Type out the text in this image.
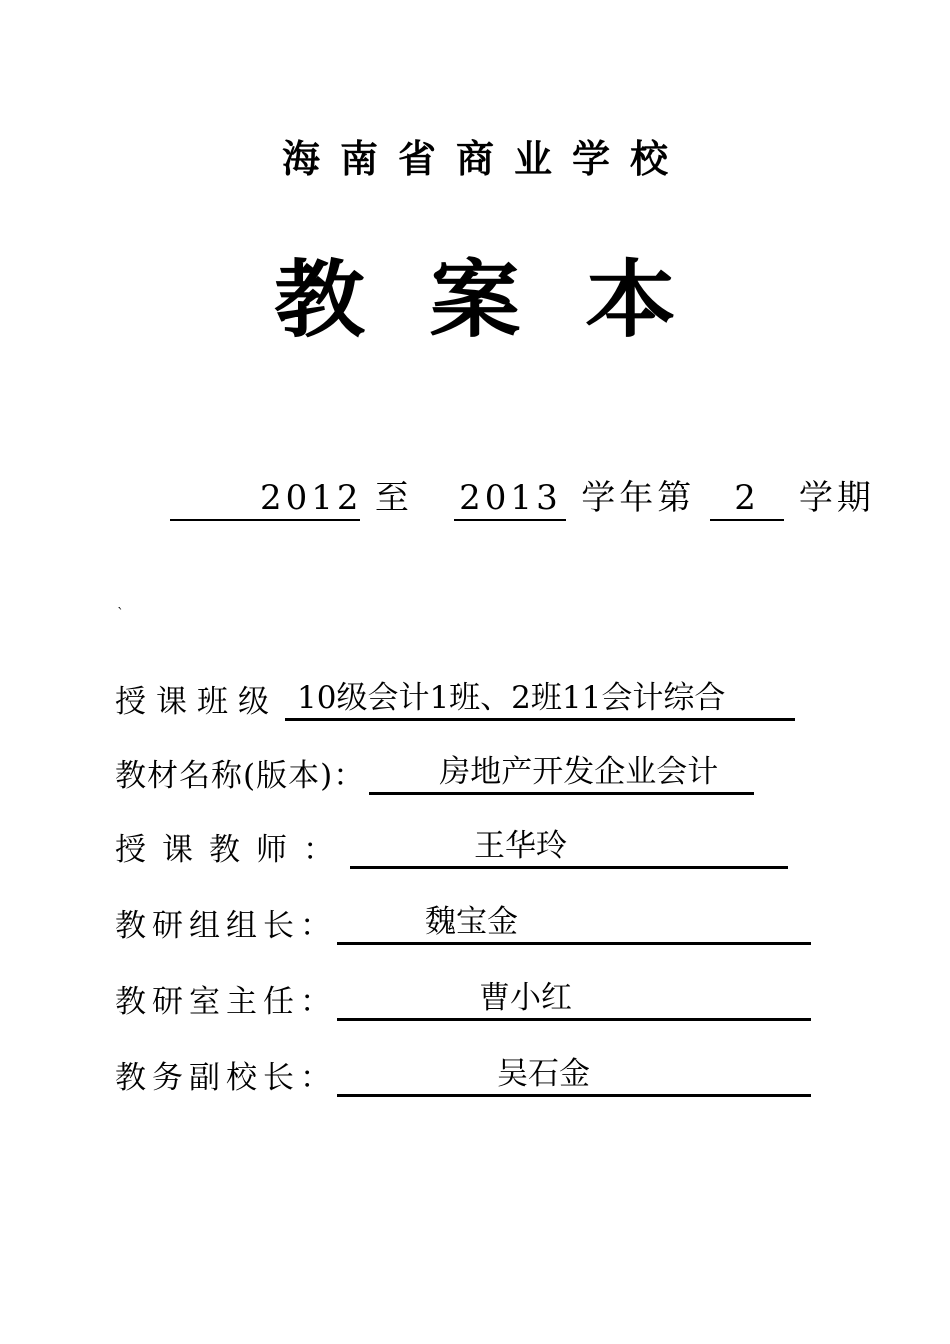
海南省商业学校
教案本
2012 至 2013 学年第 2 学期
`
授课班级 10级会计1班、2班11会计综合
教材名称(版本)：	房地产开发企业会计
授课教师：	王华玲
教研组组长：	魏宝金
教研室主任：	曹小红
教务副校长：	吴石金
